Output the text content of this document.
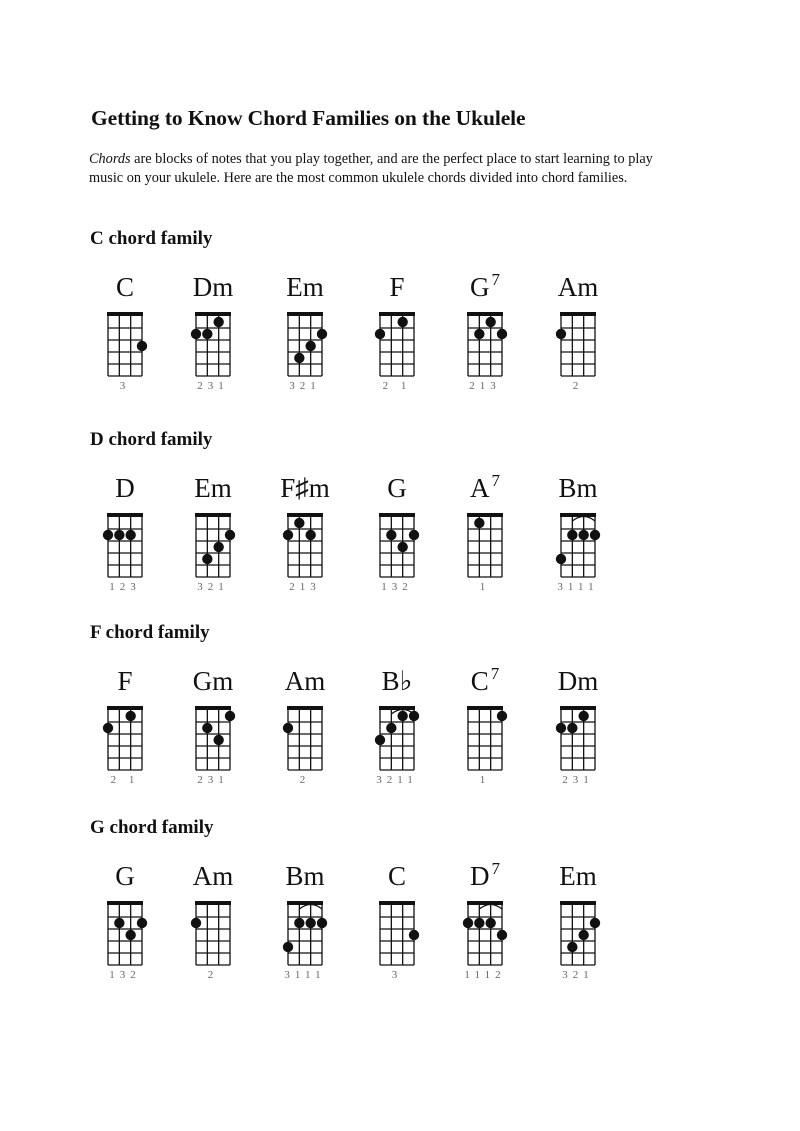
Getting to Know Chord Families on the Ukulele

Chords are blocks of notes that you play together, and are the perfect place to start learning to play music on your ukulele. Here are the most common ukulele chords divided into chord families.

C chord family
C
3
Dm
231
Em
321
F
2 1
G $^7$
213
Am
2
D chord family
D
123
Em
321
F♯m
213
G
132
A $^7$
1
Bm
3111
F chord family
F
2 1
Gm
231
Am
2
B♭
3211
C $^7$
1
Dm
231
G chord family
G
132
Am
2
Bm
3111
C
3
D $^7$
1112
Em
321
